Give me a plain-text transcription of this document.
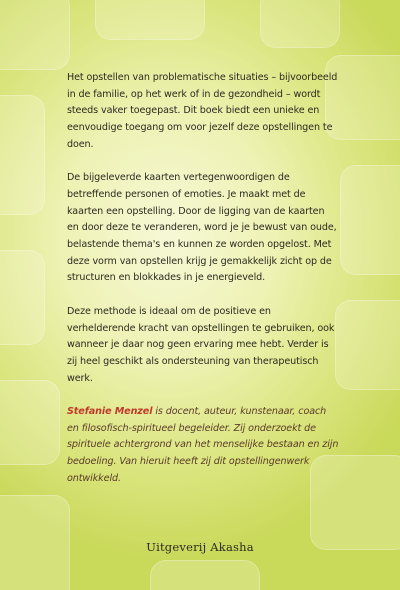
Het opstellen van problematische situaties – bijvoorbeeld in de familie, op het werk of in de gezondheid – wordt steeds vaker toegepast. Dit boek biedt een unieke en eenvoudige toegang om voor jezelf deze opstellingen te doen.

De bijgeleverde kaarten vertegenwoordigen de betreffende personen of emoties. Je maakt met de kaarten een opstelling. Door de ligging van de kaarten en door deze te veranderen, word je je bewust van oude, belastende thema's en kunnen ze worden opgelost. Met deze vorm van opstellen krijg je gemakkelijk zicht op de structuren en blokkades in je energieveld.

Deze methode is ideaal om de positieve en verhelderende kracht van opstellingen te gebruiken, ook wanneer je daar nog geen ervaring mee hebt. Verder is zij heel geschikt als ondersteuning van therapeutisch werk.

Stefanie Menzel is docent, auteur, kunstenaar, coach en filosofisch-spiritueel begeleider. Zij onderzoekt de spirituele achtergrond van het menselijke bestaan en zijn bedoeling. Van hieruit heeft zij dit opstellingenwerk ontwikkeld.

Uitgeverij Akasha
